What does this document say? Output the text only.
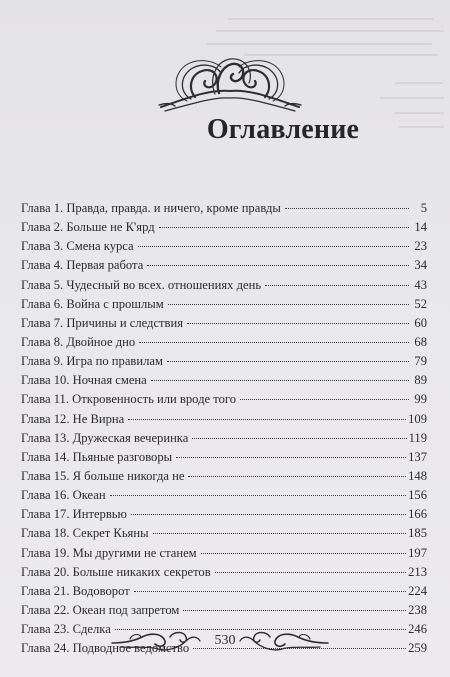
Оглавление
Глава 1. Правда, правда. и ничего, кроме правды	5
Глава 2. Больше не К'ярд	14
Глава 3. Смена курса	23
Глава 4. Первая работа	34
Глава 5. Чудесный во всех. отношениях день	43
Глава 6. Война с прошлым	52
Глава 7. Причины и следствия	60
Глава 8. Двойное дно	68
Глава 9. Игра по правилам	79
Глава 10. Ночная смена	89
Глава 11. Откровенность или вроде того	99
Глава 12. Не Вирна	109
Глава 13. Дружеская вечеринка	119
Глава 14. Пьяные разговоры	137
Глава 15. Я больше никогда не	148
Глава 16. Океан	156
Глава 17. Интервью	166
Глава 18. Секрет Кьяны	185
Глава 19. Мы другими не станем	197
Глава 20. Больше никаких секретов	213
Глава 21. Водоворот	224
Глава 22. Океан под запретом	238
Глава 23. Сделка	246
Глава 24. Подводное ведомство	259
530
